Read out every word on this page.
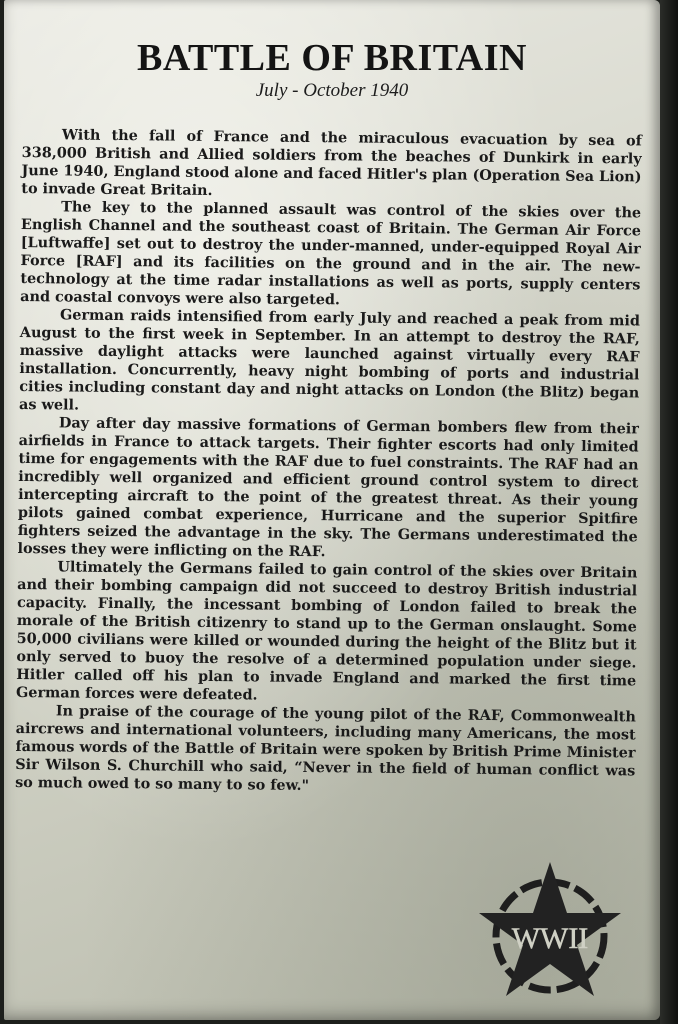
BATTLE OF BRITAIN
July - October 1940

With the fall of France and the miraculous evacuation by sea of 338,000 British and Allied soldiers from the beaches of Dunkirk in early June 1940, England stood alone and faced Hitler's plan (Operation Sea Lion) to invade Great Britain.

The key to the planned assault was control of the skies over the English Channel and the southeast coast of Britain. The German Air Force [Luftwaffe] set out to destroy the under-manned, under-equipped Royal Air Force [RAF] and its facilities on the ground and in the air. The new-technology at the time radar installations as well as ports, supply centers and coastal convoys were also targeted.

German raids intensified from early July and reached a peak from mid August to the first week in September. In an attempt to destroy the RAF, massive daylight attacks were launched against virtually every RAF installation. Concurrently, heavy night bombing of ports and industrial cities including constant day and night attacks on London (the Blitz) began as well.

Day after day massive formations of German bombers flew from their airfields in France to attack targets. Their fighter escorts had only limited time for engagements with the RAF due to fuel constraints. The RAF had an incredibly well organized and efficient ground control system to direct intercepting aircraft to the point of the greatest threat. As their young pilots gained combat experience, Hurricane and the superior Spitfire fighters seized the advantage in the sky. The Germans underestimated the losses they were inflicting on the RAF.

Ultimately the Germans failed to gain control of the skies over Britain and their bombing campaign did not succeed to destroy British industrial capacity. Finally, the incessant bombing of London failed to break the morale of the British citizenry to stand up to the German onslaught. Some 50,000 civilians were killed or wounded during the height of the Blitz but it only served to buoy the resolve of a determined population under siege. Hitler called off his plan to invade England and marked the first time German forces were defeated.

In praise of the courage of the young pilot of the RAF, Commonwealth aircrews and international volunteers, including many Americans, the most famous words of the Battle of Britain were spoken by British Prime Minister Sir Wilson S. Churchill who said, “Never in the field of human conflict was so much owed to so many to so few."

WWII
